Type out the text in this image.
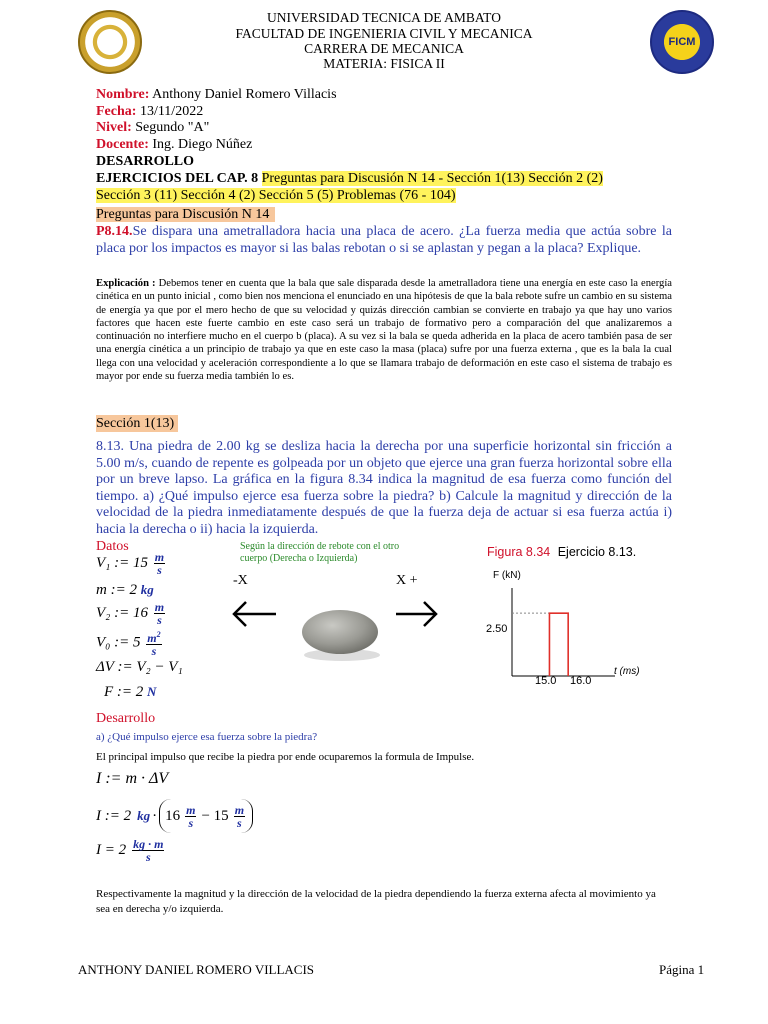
FICM
UNIVERSIDAD TECNICA DE AMBATO
FACULTAD DE INGENIERIA CIVIL Y MECANICA
CARRERA DE MECANICA
MATERIA: FISICA II
Nombre: Anthony Daniel Romero Villacis
Fecha: 13/11/2022
Nivel: Segundo "A"
Docente: Ing. Diego Núñez
DESARROLLO
EJERCICIOS DEL CAP. 8 Preguntas para Discusión N 14 - Sección 1(13) Sección 2 (2)
Sección 3 (11) Sección 4 (2) Sección 5 (5) Problemas (76 - 104)
Preguntas para Discusión N 14
P8.14.Se dispara una ametralladora hacia una placa de acero. ¿La fuerza media que actúa sobre la placa por los impactos es mayor si las balas rebotan o si se aplastan y pegan a la placa? Explique.
Explicación : Debemos tener en cuenta que la bala que sale disparada desde la ametralladora tiene una energía en este caso la energía cinética en un punto inicial , como bien nos menciona el enunciado en una hipótesis de que la bala rebote sufre un cambio en su sistema de energía ya que por el mero hecho de que su velocidad y quizás dirección cambian se convierte en trabajo ya que hay uno varios factores que hacen este fuerte cambio en este caso será un trabajo de formativo pero a comparación del que analizaremos a continuación no interfiere mucho en el cuerpo b (placa). A su vez si la bala se queda adherida en la placa de acero también pasa de ser una energía cinética a un principio de trabajo ya que en este caso la masa (placa) sufre por una fuerza externa , que es la bala la cual llega con una velocidad y aceleración correspondiente a lo que se llamara trabajo de deformación en este caso el sistema de trabajo es mayor por ende su fuerza media también lo es.
Sección 1(13)
8.13. Una piedra de 2.00 kg se desliza hacia la derecha por una superficie horizontal sin fricción a 5.00 m/s, cuando de repente es golpeada por un objeto que ejerce una gran fuerza horizontal sobre ella por un breve lapso. La gráfica en la figura 8.34 indica la magnitud de esa fuerza como función del tiempo. a) ¿Qué impulso ejerce esa fuerza sobre la piedra? b) Calcule la magnitud y dirección de la velocidad de la piedra inmediatamente después de que la fuerza deja de actuar si esa fuerza actúa i) hacia la derecha o ii) hacia la izquierda.
Datos
V₁ := $15 \frac{m}{s}$
m := 2 kg
V₂ := $16 \frac{m}{s}$
V₀ := $5 \frac{m^2}{s}$
ΔV := V₂ − V₁
F := 2 N
Según la dirección de rebote con el otro cuerpo (Derecha o Izquierda)
-X	X +
Figura 8.34 Ejercicio 8.13.
F (kN)
2.50
15.0 16.0
t (ms)
Desarrollo
a) ¿Qué impulso ejerce esa fuerza sobre la piedra?
El principal impulso que recibe la piedra por ende ocuparemos la formula de Impulse.
I := m · ΔV
I := 2 kg · $16 \frac{m}{s} - 15 \frac{m}{s}$
$I = 2 \frac{kg \cdot m}{s}$
Respectivamente la magnitud y la dirección de la velocidad de la piedra dependiendo la fuerza externa afecta al movimiento ya sea en derecha y/o izquierda.
ANTHONY DANIEL ROMERO VILLACIS	Página 1
